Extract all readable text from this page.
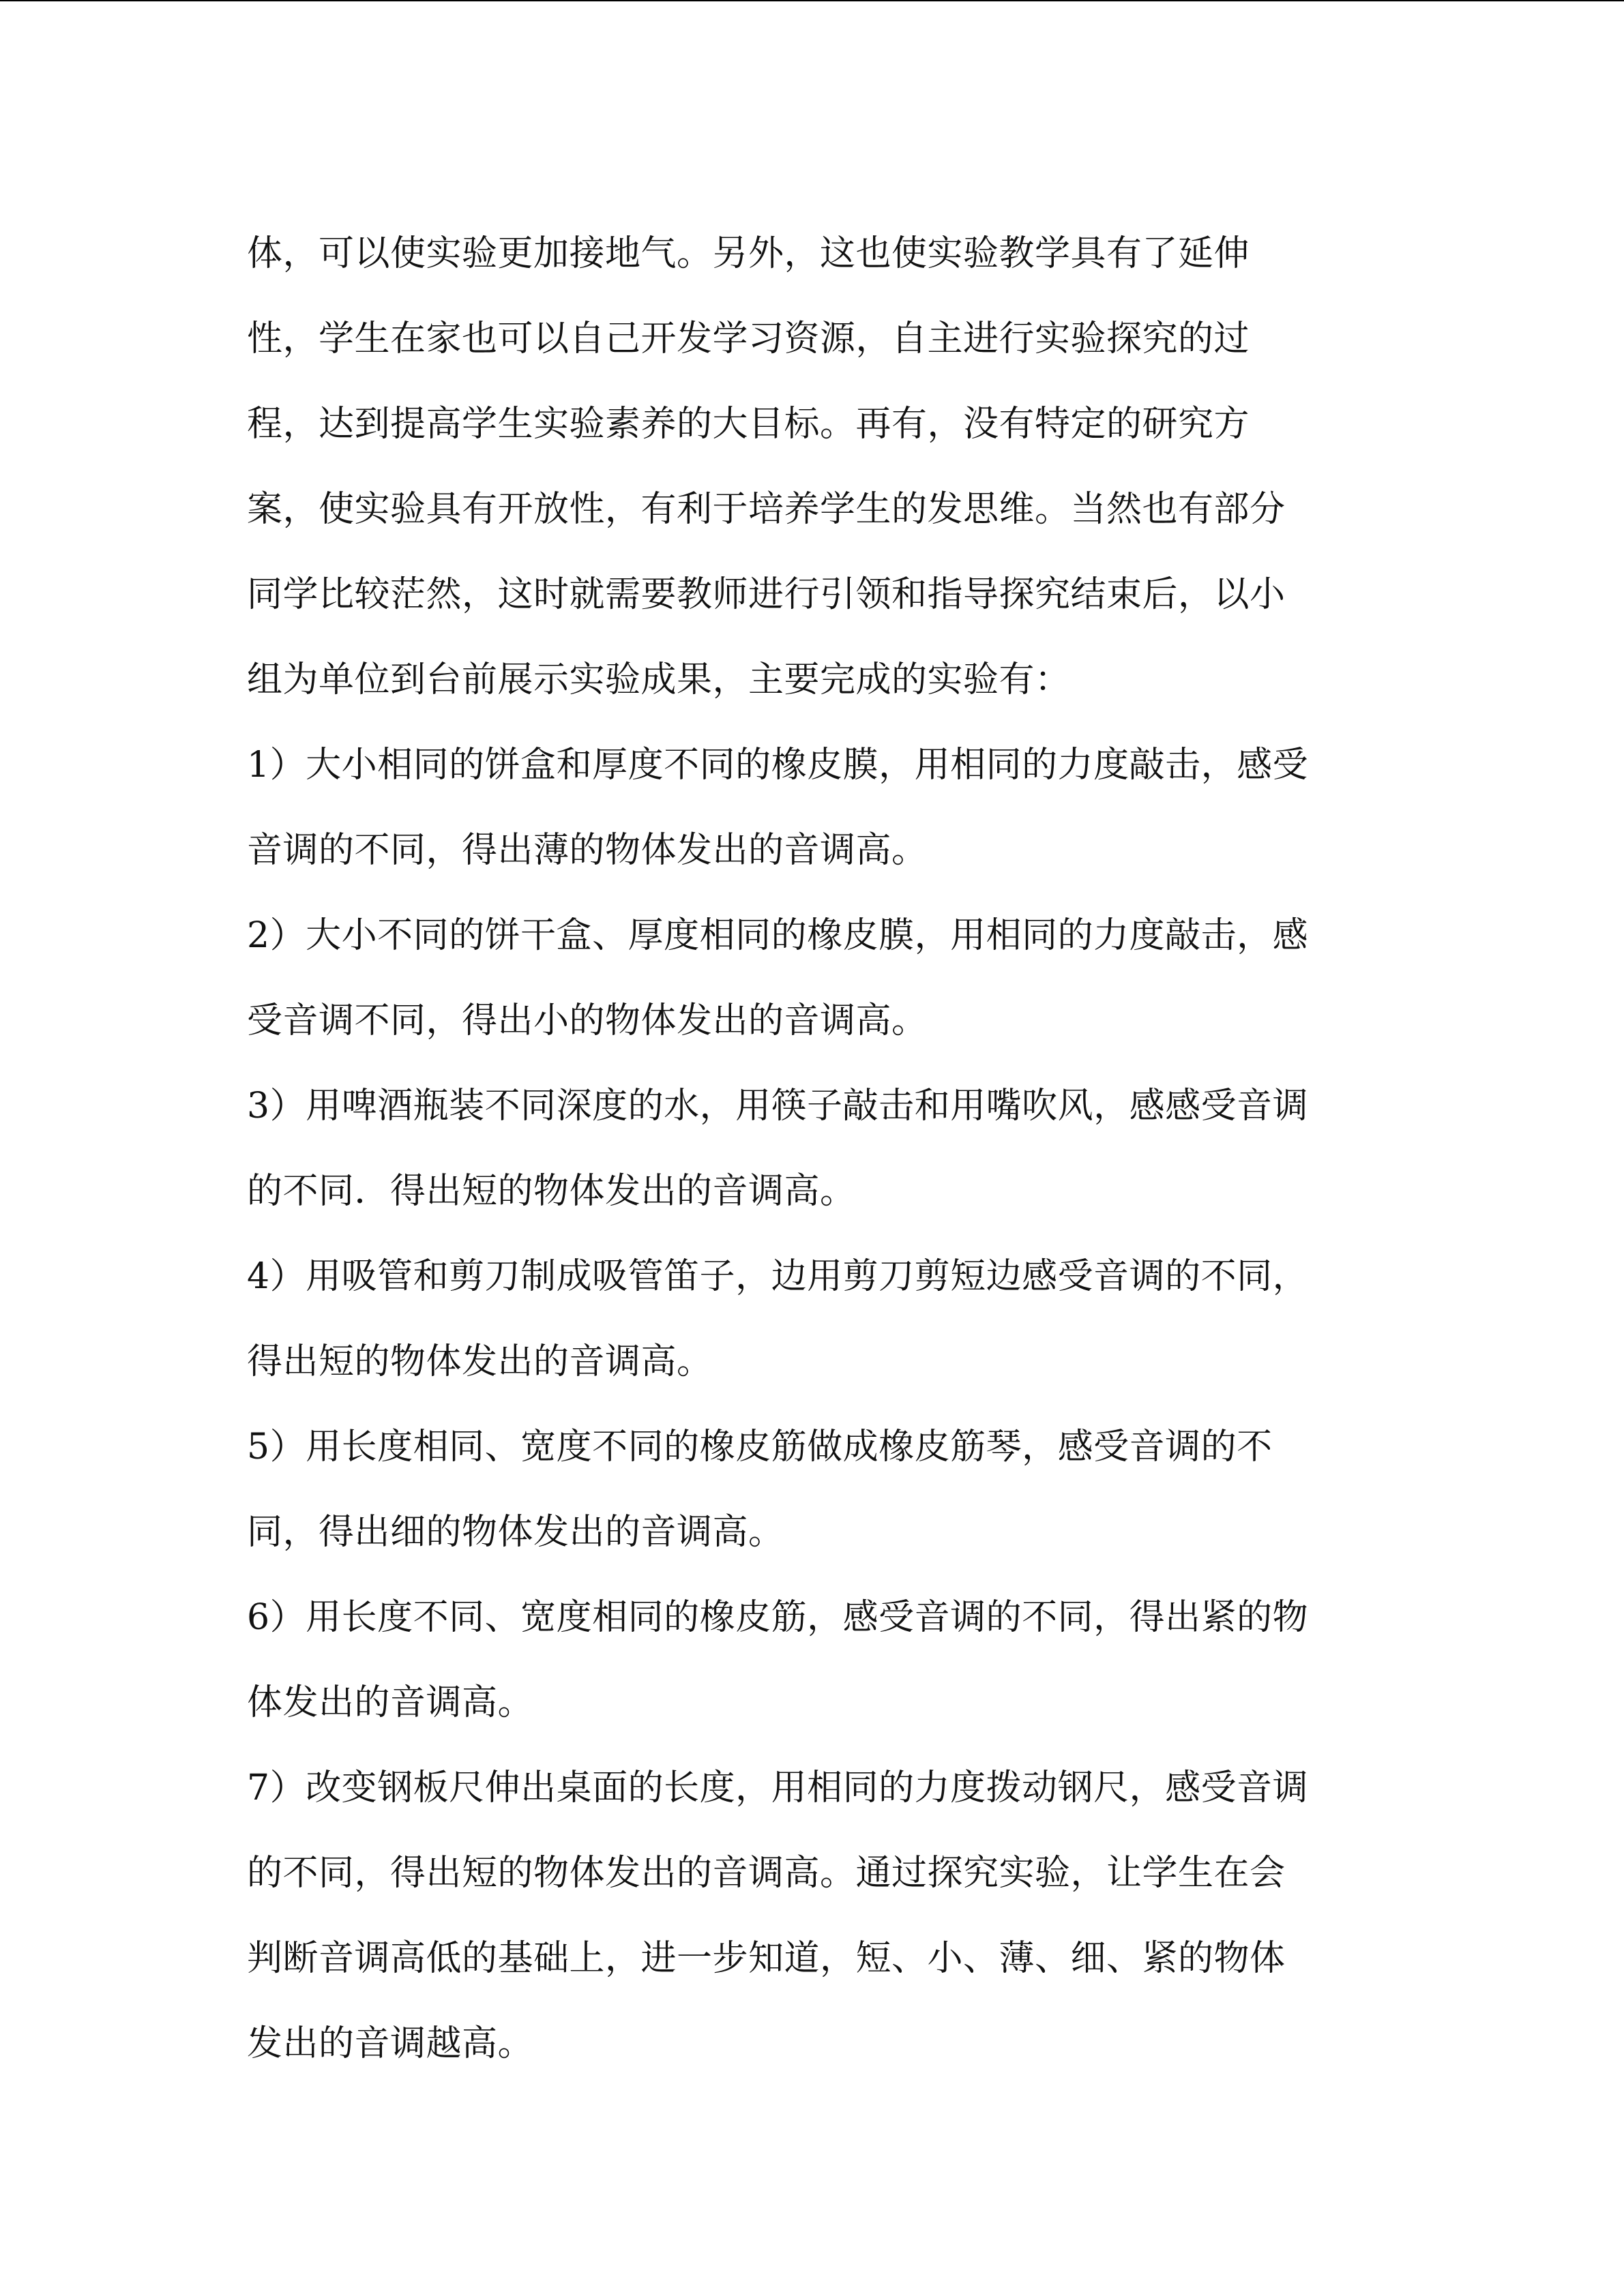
体，可以使实验更加接地气。另外，这也使实验教学具有了延伸
性，学生在家也可以自己开发学习资源，自主进行实验探究的过
程，达到提高学生实验素养的大目标。再有，没有特定的研究方
案，使实验具有开放性，有利于培养学生的发思维。当然也有部分
同学比较茫然，这时就需要教师进行引领和指导探究结束后，以小
组为单位到台前展示实验成果，主要完成的实验有：
1）大小相同的饼盒和厚度不同的橡皮膜，用相同的力度敲击，感受
音调的不同，得出薄的物体发出的音调高。
2）大小不同的饼干盒、厚度相同的橡皮膜，用相同的力度敲击，感
受音调不同，得出小的物体发出的音调高。
3）用啤酒瓶装不同深度的水，用筷子敲击和用嘴吹风，感感受音调
的不同．得出短的物体发出的音调高。
4）用吸管和剪刀制成吸管笛子，边用剪刀剪短边感受音调的不同，
得出短的物体发出的音调高。
5）用长度相同、宽度不同的橡皮筋做成橡皮筋琴，感受音调的不
同，得出细的物体发出的音调高。
6）用长度不同、宽度相同的橡皮筋，感受音调的不同，得出紧的物
体发出的音调高。
7）改变钢板尺伸出桌面的长度，用相同的力度拨动钢尺，感受音调
的不同，得出短的物体发出的音调高。通过探究实验，让学生在会
判断音调高低的基础上，进一步知道，短、小、薄、细、紧的物体
发出的音调越高。
